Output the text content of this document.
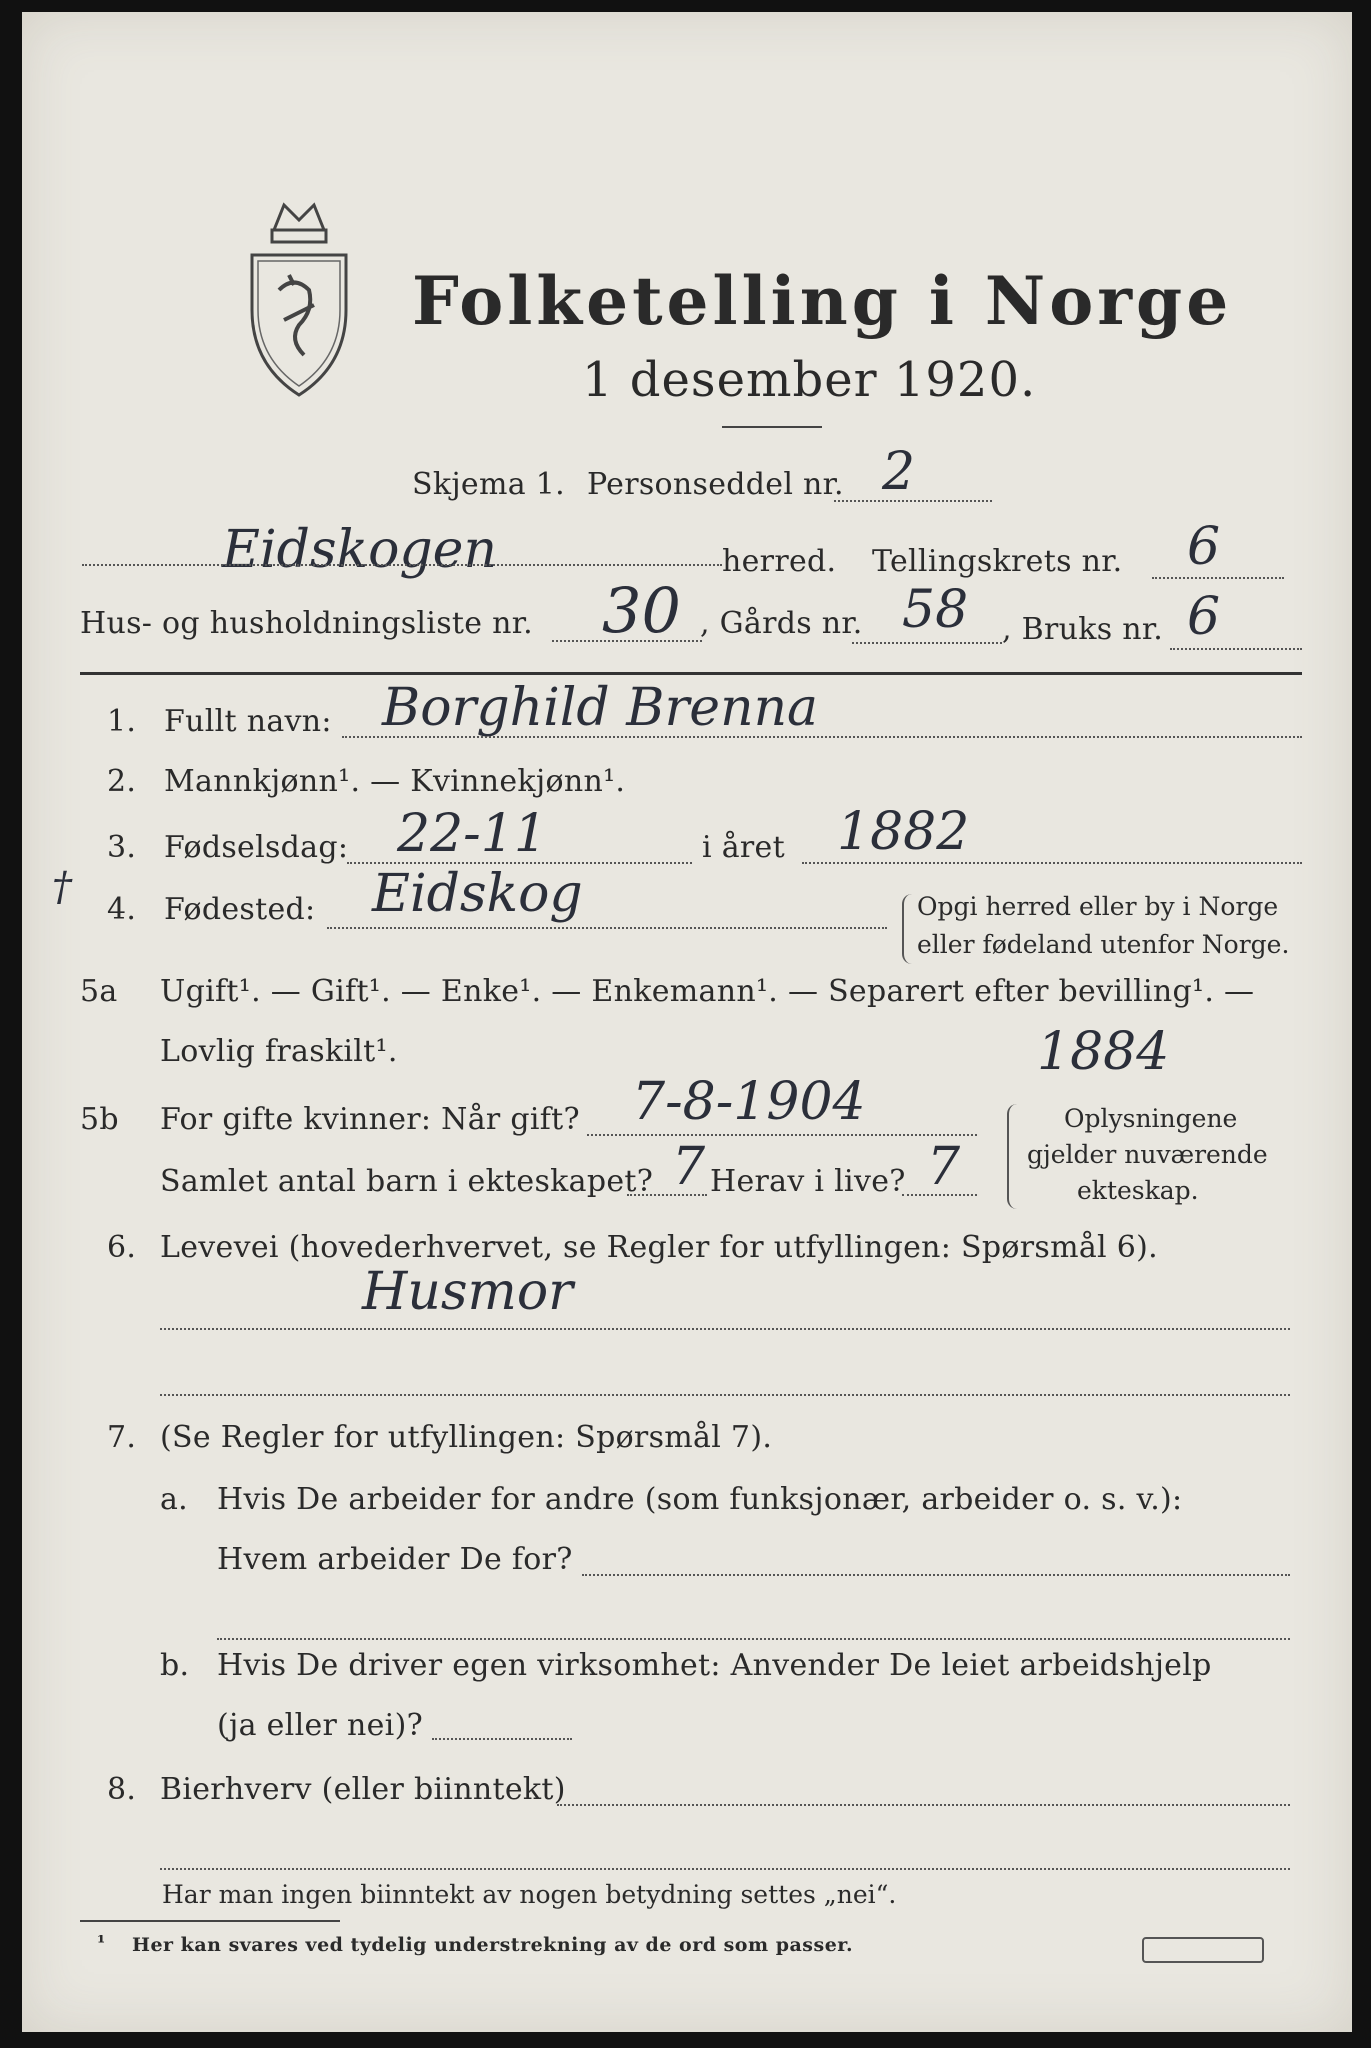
Folketelling i Norge
1 desember 1920.
Skjema 1. Personseddel nr. 2
Eidskogen	herred. Tellingskrets nr. 6
Hus- og husholdningsliste nr. 30 , Gårds nr. 58 , Bruks nr. 6
1. Fullt navn: Borghild Brenna
2. Mannkjønn¹. — Kvinnekjønn¹.
3. Fødselsdag: 22-11	i året 1882
† 4. Fødested: Eidskog	Opgi herred eller by i Norge
eller fødeland utenfor Norge.
5a Ugift¹. — Gift¹. — Enke¹. — Enkemann¹. — Separert efter bevilling¹. —
Lovlig fraskilt¹.	1884
5b For gifte kvinner: Når gift? 7-8-1904
Samlet antal barn i ekteskapet? 7 Herav i live? 7
Oplysningene
gjelder nuværende
ekteskap.
6. Levevei (hovederhvervet, se Regler for utfyllingen: Spørsmål 6).
Husmor
7. (Se Regler for utfyllingen: Spørsmål 7).
a. Hvis De arbeider for andre (som funksjonær, arbeider o. s. v.):
Hvem arbeider De for?
b. Hvis De driver egen virksomhet: Anvender De leiet arbeidshjelp
(ja eller nei)?
8. Bierhverv (eller biinntekt)
Har man ingen biinntekt av nogen betydning settes „nei“.
¹ Her kan svares ved tydelig understrekning av de ord som passer.
